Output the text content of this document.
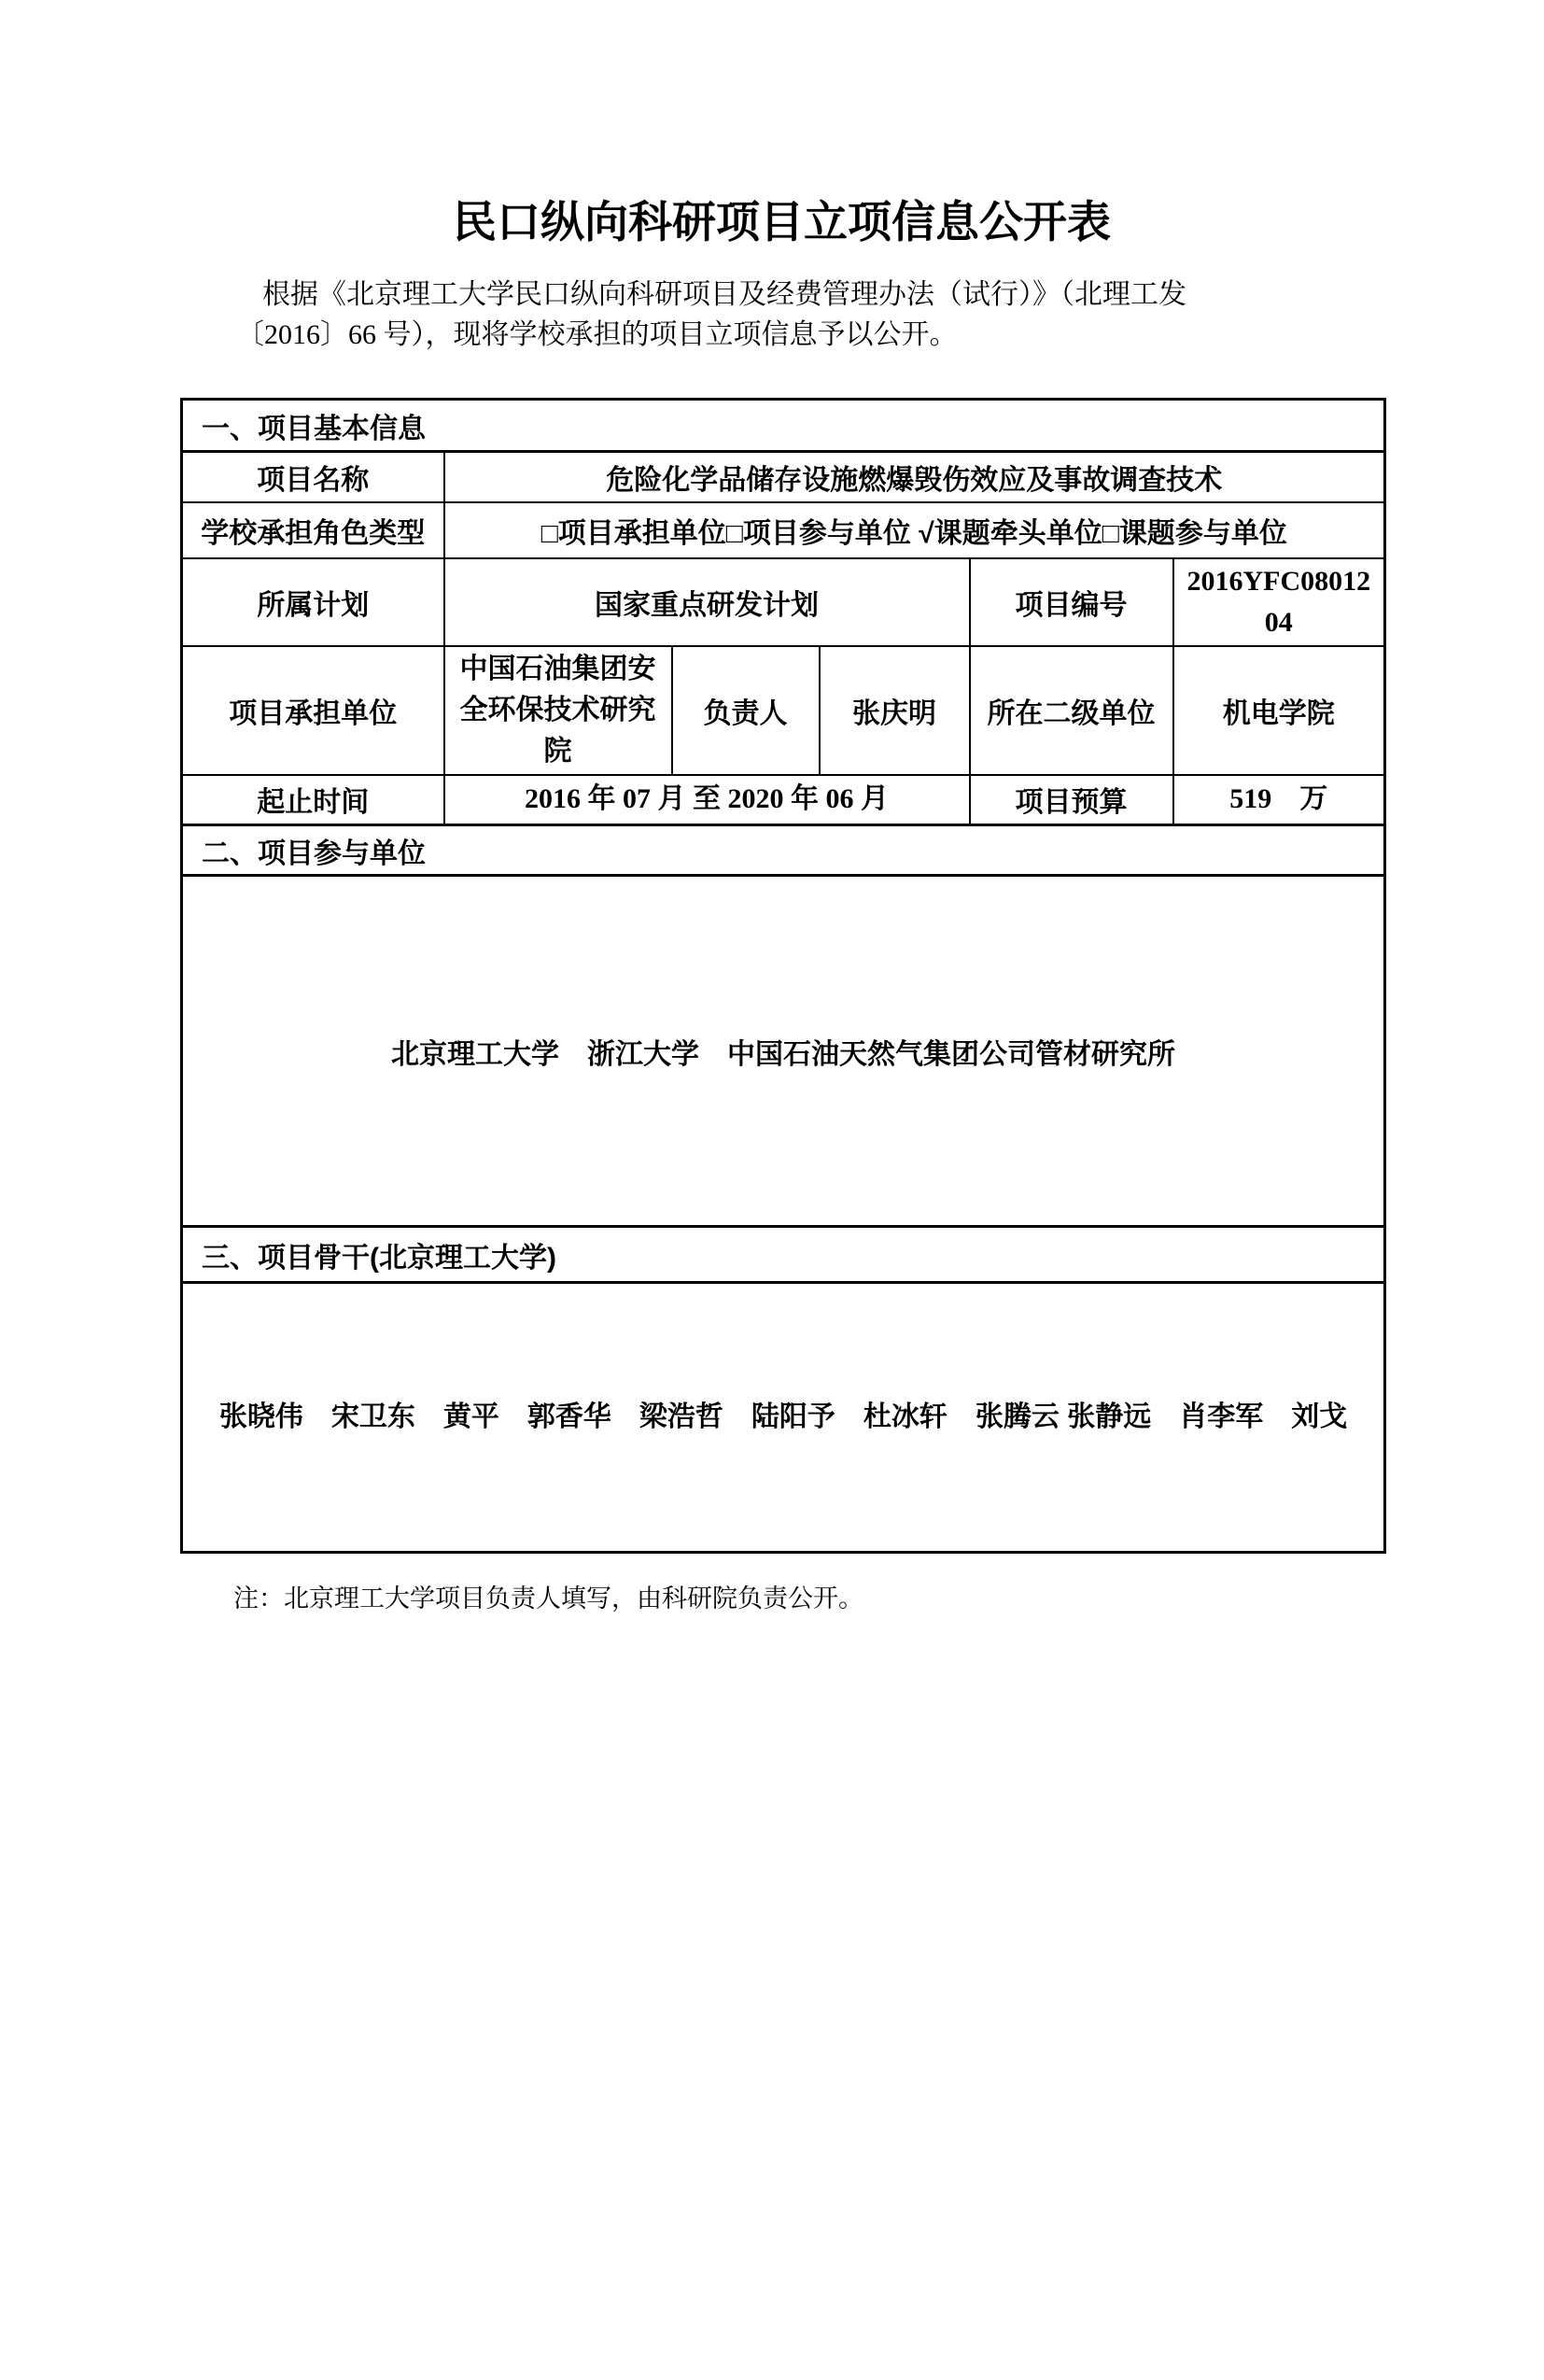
民口纵向科研项目立项信息公开表
根据《北京理工大学民口纵向科研项目及经费管理办法（试行）》（北理工发
〔2016〕66 号），现将学校承担的项目立项信息予以公开。
一、项目基本信息					
项目名称	危险化学品储存设施燃爆毁伤效应及事故调查技术				
学校承担角色类型	□项目承担单位□项目参与单位 √课题牵头单位□课题参与单位				
所属计划	国家重点研发计划			项目编号	2016YFC0801204
项目承担单位	中国石油集团安全环保技术研究院	负责人	张庆明	所在二级单位	机电学院
起止时间	2016 年 07 月 至 2020 年 06 月			项目预算	519　万
二、项目参与单位					
北京理工大学　浙江大学　中国石油天然气集团公司管材研究所					
三、项目骨干(北京理工大学)					
张晓伟　宋卫东　黄平　郭香华　梁浩哲　陆阳予　杜冰轩　张腾云 张静远　肖李军　刘戈					
注：北京理工大学项目负责人填写，由科研院负责公开。
